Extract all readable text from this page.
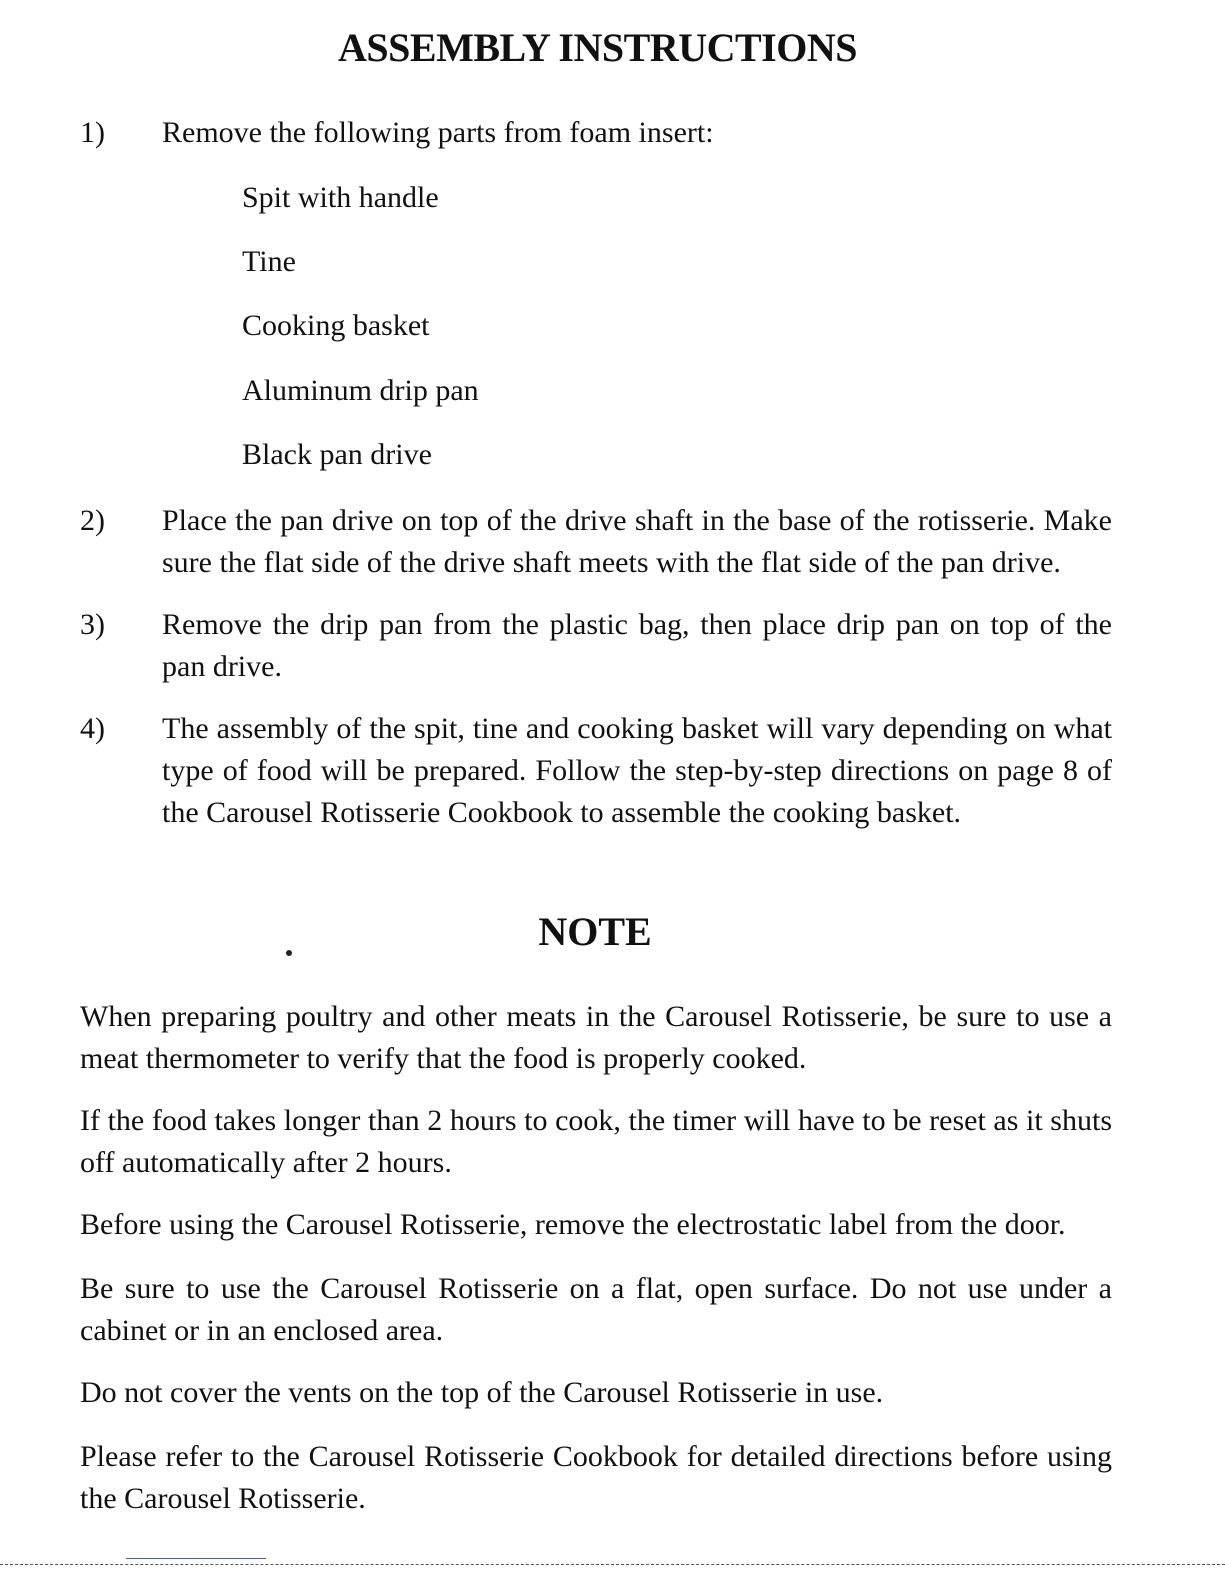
ASSEMBLY INSTRUCTIONS
1) Remove the following parts from foam insert:
Spit with handle
Tine
Cooking basket
Aluminum drip pan
Black pan drive
2) Place the pan drive on top of the drive shaft in the base of the rotisserie. Make sure the flat side of the drive shaft meets with the flat side of the pan drive.
3) Remove the drip pan from the plastic bag, then place drip pan on top of the pan drive.
4) The assembly of the spit, tine and cooking basket will vary depending on what type of food will be prepared. Follow the step-by-step directions on page 8 of the Carousel Rotisserie Cookbook to assemble the cooking basket.
NOTE
When preparing poultry and other meats in the Carousel Rotisserie, be sure to use a meat thermometer to verify that the food is properly cooked.
If the food takes longer than 2 hours to cook, the timer will have to be reset as it shuts off automatically after 2 hours.
Before using the Carousel Rotisserie, remove the electrostatic label from the door.
Be sure to use the Carousel Rotisserie on a flat, open surface. Do not use under a cabinet or in an enclosed area.
Do not cover the vents on the top of the Carousel Rotisserie in use.
Please refer to the Carousel Rotisserie Cookbook for detailed directions before using the Carousel Rotisserie.
